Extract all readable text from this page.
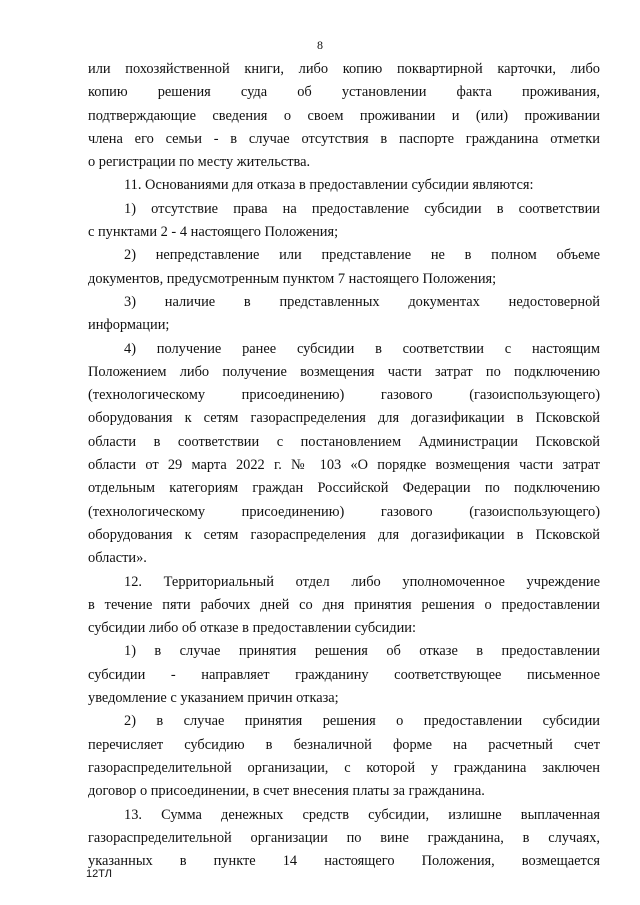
8
или похозяйственной книги, либо копию поквартирной карточки, либо
копию решения суда об установлении факта проживания,
подтверждающие сведения о своем проживании и (или) проживании
члена его семьи - в случае отсутствия в паспорте гражданина отметки
о регистрации по месту жительства.
11. Основаниями для отказа в предоставлении субсидии являются:
1) отсутствие права на предоставление субсидии в соответствии
с пунктами 2 - 4 настоящего Положения;
2) непредставление или представление не в полном объеме
документов, предусмотренным пунктом 7 настоящего Положения;
3) наличие в представленных документах недостоверной
информации;
4) получение ранее субсидии в соответствии с настоящим
Положением либо получение возмещения части затрат по подключению
(технологическому присоединению) газового (газоиспользующего)
оборудования к сетям газораспределения для догазификации в Псковской
области в соответствии с постановлением Администрации Псковской
области от 29 марта 2022 г. № 103 «О порядке возмещения части затрат
отдельным категориям граждан Российской Федерации по подключению
(технологическому присоединению) газового (газоиспользующего)
оборудования к сетям газораспределения для догазификации в Псковской
области».
12. Территориальный отдел либо уполномоченное учреждение
в течение пяти рабочих дней со дня принятия решения о предоставлении
субсидии либо об отказе в предоставлении субсидии:
1) в случае принятия решения об отказе в предоставлении
субсидии - направляет гражданину соответствующее письменное
уведомление с указанием причин отказа;
2) в случае принятия решения о предоставлении субсидии
перечисляет субсидию в безналичной форме на расчетный счет
газораспределительной организации, с которой у гражданина заключен
договор о присоединении, в счет внесения платы за гражданина.
13. Сумма денежных средств субсидии, излишне выплаченная
газораспределительной организации по вине гражданина, в случаях,
указанных в пункте 14 настоящего Положения, возмещается
12ТЛ
